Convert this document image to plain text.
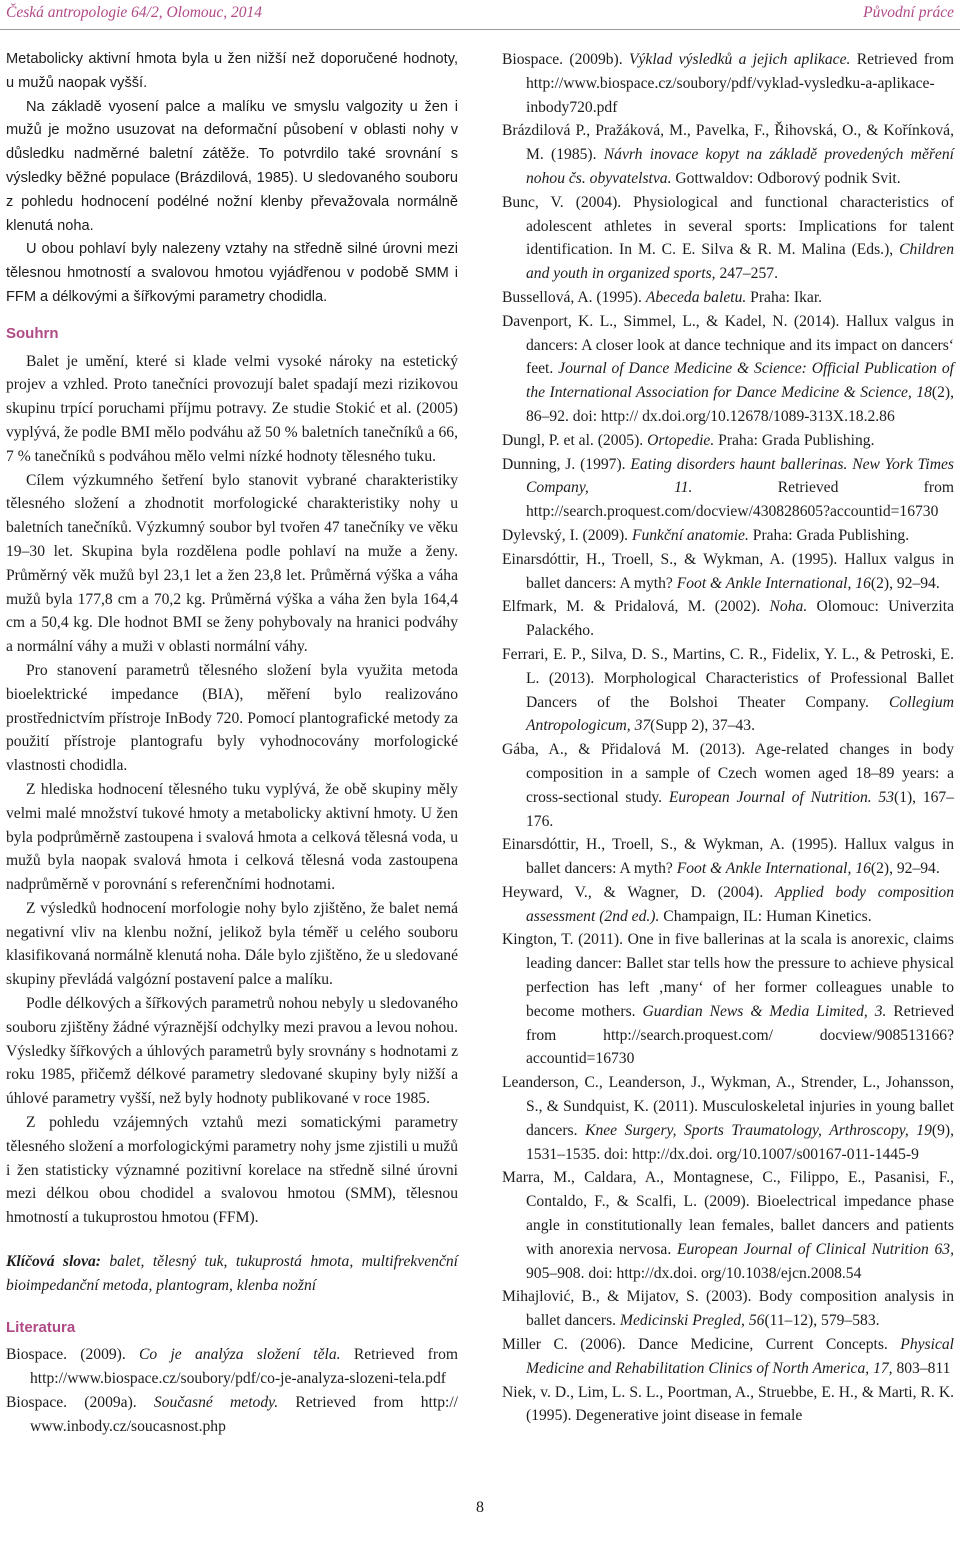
Česká antropologie 64/2, Olomouc, 2014	Původní práce

Metabolicky aktivní hmota byla u žen nižší než doporučené hodnoty, u mužů naopak vyšší.

Na základě vyosení palce a malíku ve smyslu valgozity u žen i mužů je možno usuzovat na deformační působení v oblasti nohy v důsledku nadměrné baletní zátěže. To potvrdilo také srovnání s výsledky běžné populace (Brázdilová, 1985). U sledovaného souboru z pohledu hodnocení podélné nožní klenby převažovala normálně klenutá noha.

U obou pohlaví byly nalezeny vztahy na středně silné úrovni mezi tělesnou hmotností a svalovou hmotou vyjádřenou v podobě SMM i FFM a délkovými a šířkovými parametry chodidla.

Souhrn

Balet je umění, které si klade velmi vysoké nároky na estetický projev a vzhled. Proto tanečníci provozují balet spadají mezi rizikovou skupinu trpící poruchami příjmu potravy. Ze studie Stokić et al. (2005) vyplývá, že podle BMI mělo podváhu až 50 % baletních tanečníků a 66, 7 % tanečníků s podváhou mělo velmi nízké hodnoty tělesného tuku.

Cílem výzkumného šetření bylo stanovit vybrané charakteristiky tělesného složení a zhodnotit morfologické charakteristiky nohy u baletních tanečníků. Výzkumný soubor byl tvořen 47 tanečníky ve věku 19–30 let. Skupina byla rozdělena podle pohlaví na muže a ženy. Průměrný věk mužů byl 23,1 let a žen 23,8 let. Průměrná výška a váha mužů byla 177,8 cm a 70,2 kg. Průměrná výška a váha žen byla 164,4 cm a 50,4 kg. Dle hodnot BMI se ženy pohybovaly na hranici podváhy a normální váhy a muži v oblasti normální váhy.

Pro stanovení parametrů tělesného složení byla využita metoda bioelektrické impedance (BIA), měření bylo realizováno prostřednictvím přístroje InBody 720. Pomocí plantografické metody za použití přístroje plantografu byly vyhodnocovány morfologické vlastnosti chodidla.

Z hlediska hodnocení tělesného tuku vyplývá, že obě skupiny měly velmi malé množství tukové hmoty a metabolicky aktivní hmoty. U žen byla podprůměrně zastoupena i svalová hmota a celková tělesná voda, u mužů byla naopak svalová hmota i celková tělesná voda zastoupena nadprůměrně v porovnání s referenčními hodnotami.

Z výsledků hodnocení morfologie nohy bylo zjištěno, že balet nemá negativní vliv na klenbu nožní, jelikož byla téměř u celého souboru klasifikovaná normálně klenutá noha. Dále bylo zjištěno, že u sledované skupiny převládá valgózní postavení palce a malíku.

Podle délkových a šířkových parametrů nohou nebyly u sledovaného souboru zjištěny žádné výraznější odchylky mezi pravou a levou nohou. Výsledky šířkových a úhlových parametrů byly srovnány s hodnotami z roku 1985, přičemž délkové parametry sledované skupiny byly nižší a úhlové parametry vyšší, než byly hodnoty publikované v roce 1985.

Z pohledu vzájemných vztahů mezi somatickými parametry tělesného složení a morfologickými parametry nohy jsme zjistili u mužů i žen statisticky významné pozitivní korelace na středně silné úrovni mezi délkou obou chodidel a svalovou hmotou (SMM), tělesnou hmotností a tukuprostou hmotou (FFM).

Klíčová slova: balet, tělesný tuk, tukuprostá hmota, multifrekvenční bioimpedanční metoda, plantogram, klenba nožní

Literatura

Biospace. (2009). Co je analýza složení těla. Retrieved from http://www.biospace.cz/soubory/pdf/co-je-analyza-slozeni-tela.pdf

Biospace. (2009a). Současné metody. Retrieved from http:// www.inbody.cz/soucasnost.php

Biospace. (2009b). Výklad výsledků a jejich aplikace. Retrieved from http://www.biospace.cz/soubory/pdf/vyklad-vysledku-a-aplikace-inbody720.pdf

Brázdilová P., Pražáková, M., Pavelka, F., Řihovská, O., & Kořínková, M. (1985). Návrh inovace kopyt na základě provedených měření nohou čs. obyvatelstva. Gottwaldov: Odborový podnik Svit.

Bunc, V. (2004). Physiological and functional characteristics of adolescent athletes in several sports: Implications for talent identification. In M. C. E. Silva & R. M. Malina (Eds.), Children and youth in organized sports, 247–257.

Bussellová, A. (1995). Abeceda baletu. Praha: Ikar.

Davenport, K. L., Simmel, L., & Kadel, N. (2014). Hallux valgus in dancers: A closer look at dance technique and its impact on dancers‘ feet. Journal of Dance Medicine & Science: Official Publication of the International Association for Dance Medicine & Science, 18(2), 86–92. doi: http:// dx.doi.org/10.12678/1089-313X.18.2.86

Dungl, P. et al. (2005). Ortopedie. Praha: Grada Publishing.

Dunning, J. (1997). Eating disorders haunt ballerinas. New York Times Company, 11. Retrieved from http://search.proquest.com/docview/430828605?accountid=16730

Dylevský, I. (2009). Funkční anatomie. Praha: Grada Publishing.

Einarsdóttir, H., Troell, S., & Wykman, A. (1995). Hallux valgus in ballet dancers: A myth? Foot & Ankle International, 16(2), 92–94.

Elfmark, M. & Pridalová, M. (2002). Noha. Olomouc: Univerzita Palackého.

Ferrari, E. P., Silva, D. S., Martins, C. R., Fidelix, Y. L., & Petroski, E. L. (2013). Morphological Characteristics of Professional Ballet Dancers of the Bolshoi Theater Company. Collegium Antropologicum, 37(Supp 2), 37–43.

Gába, A., & Přidalová M. (2013). Age-related changes in body composition in a sample of Czech women aged 18–89 years: a cross-sectional study. European Journal of Nutrition. 53(1), 167–176.

Einarsdóttir, H., Troell, S., & Wykman, A. (1995). Hallux valgus in ballet dancers: A myth? Foot & Ankle International, 16(2), 92–94.

Heyward, V., & Wagner, D. (2004). Applied body composition assessment (2nd ed.). Champaign, IL: Human Kinetics.

Kington, T. (2011). One in five ballerinas at la scala is anorexic, claims leading dancer: Ballet star tells how the pressure to achieve physical perfection has left ‚many‘ of her former colleagues unable to become mothers. Guardian News & Media Limited, 3. Retrieved from http://search.proquest.com/ docview/908513166?accountid=16730

Leanderson, C., Leanderson, J., Wykman, A., Strender, L., Johansson, S., & Sundquist, K. (2011). Musculoskeletal injuries in young ballet dancers. Knee Surgery, Sports Traumatology, Arthroscopy, 19(9), 1531–1535. doi: http://dx.doi. org/10.1007/s00167-011-1445-9

Marra, M., Caldara, A., Montagnese, C., Filippo, E., Pasanisi, F., Contaldo, F., & Scalfi, L. (2009). Bioelectrical impedance phase angle in constitutionally lean females, ballet dancers and patients with anorexia nervosa. European Journal of Clinical Nutrition 63, 905–908. doi: http://dx.doi. org/10.1038/ejcn.2008.54

Mihajlović, B., & Mijatov, S. (2003). Body composition analysis in ballet dancers. Medicinski Pregled, 56(11–12), 579–583.

Miller C. (2006). Dance Medicine, Current Concepts. Physical Medicine and Rehabilitation Clinics of North America, 17, 803–811

Niek, v. D., Lim, L. S. L., Poortman, A., Struebbe, E. H., & Marti, R. K. (1995). Degenerative joint disease in female

8
